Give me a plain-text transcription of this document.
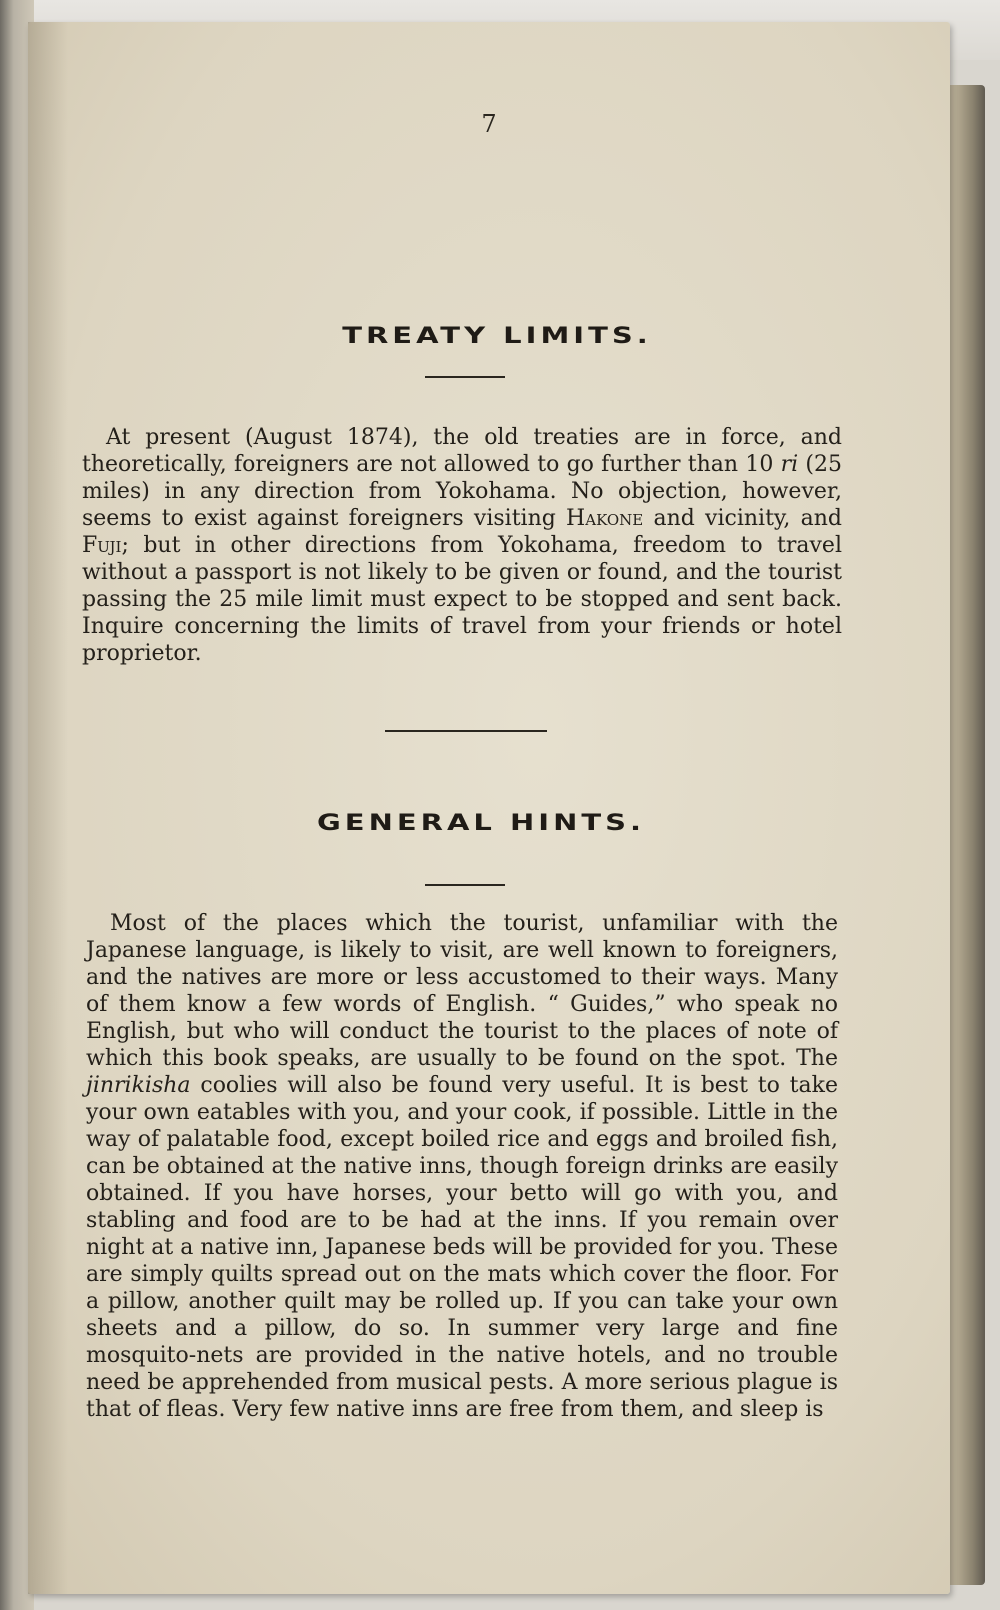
7
TREATY LIMITS.

At present (August 1874), the old treaties are in force, and theoretically, foreigners are not allowed to go further than 10 ri (25 miles) in any direction from Yokohama. No objection, however, seems to exist against foreigners visiting Hakone and vicinity, and Fuji; but in other directions from Yokohama, freedom to travel without a passport is not likely to be given or found, and the tourist passing the 25 mile limit must expect to be stopped and sent back. Inquire concerning the limits of travel from your friends or hotel proprietor.

GENERAL HINTS.

Most of the places which the tourist, unfamiliar with the Japanese language, is likely to visit, are well known to foreigners, and the natives are more or less accustomed to their ways. Many of them know a few words of English. “ Guides,” who speak no English, but who will conduct the tourist to the places of note of which this book speaks, are usually to be found on the spot. The jinrikisha coolies will also be found very useful. It is best to take your own eatables with you, and your cook, if possible. Little in the way of palatable food, except boiled rice and eggs and broiled fish, can be obtained at the native inns, though foreign drinks are easily obtained. If you have horses, your betto will go with you, and stabling and food are to be had at the inns. If you remain over night at a native inn, Japanese beds will be provided for you. These are simply quilts spread out on the mats which cover the floor. For a pillow, another quilt may be rolled up. If you can take your own sheets and a pillow, do so. In summer very large and fine mosquito-nets are provided in the native hotels, and no trouble need be apprehended from musical pests. A more serious plague is that of fleas. Very few native inns are free from them, and sleep is
